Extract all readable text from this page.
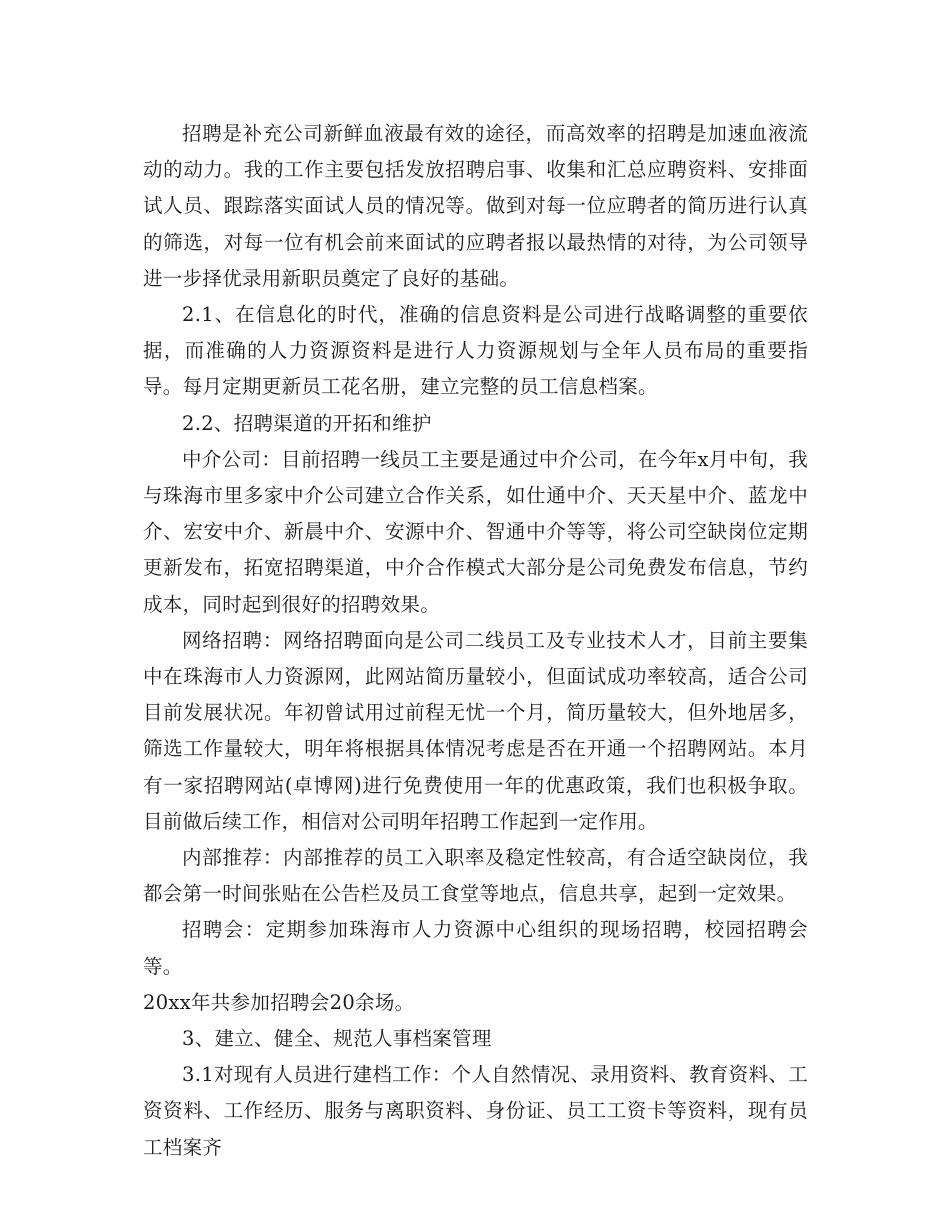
招聘是补充公司新鲜血液最有效的途径，而高效率的招聘是加速血液流动的动力。我的工作主要包括发放招聘启事、收集和汇总应聘资料、安排面试人员、跟踪落实面试人员的情况等。做到对每一位应聘者的简历进行认真的筛选，对每一位有机会前来面试的应聘者报以最热情的对待，为公司领导进一步择优录用新职员奠定了良好的基础。

2.1、在信息化的时代，准确的信息资料是公司进行战略调整的重要依据，而准确的人力资源资料是进行人力资源规划与全年人员布局的重要指导。每月定期更新员工花名册，建立完整的员工信息档案。

2.2、招聘渠道的开拓和维护

中介公司：目前招聘一线员工主要是通过中介公司，在今年x月中旬，我与珠海市里多家中介公司建立合作关系，如仕通中介、天天星中介、蓝龙中介、宏安中介、新晨中介、安源中介、智通中介等等，将公司空缺岗位定期更新发布，拓宽招聘渠道，中介合作模式大部分是公司免费发布信息，节约成本，同时起到很好的招聘效果。

网络招聘：网络招聘面向是公司二线员工及专业技术人才，目前主要集中在珠海市人力资源网，此网站简历量较小，但面试成功率较高，适合公司目前发展状况。年初曾试用过前程无忧一个月，简历量较大，但外地居多，筛选工作量较大，明年将根据具体情况考虑是否在开通一个招聘网站。本月有一家招聘网站(卓博网)进行免费使用一年的优惠政策，我们也积极争取。目前做后续工作，相信对公司明年招聘工作起到一定作用。

内部推荐：内部推荐的员工入职率及稳定性较高，有合适空缺岗位，我都会第一时间张贴在公告栏及员工食堂等地点，信息共享，起到一定效果。

招聘会：定期参加珠海市人力资源中心组织的现场招聘，校园招聘会等。

20xx年共参加招聘会20余场。

3、建立、健全、规范人事档案管理

3.1对现有人员进行建档工作：个人自然情况、录用资料、教育资料、工资资料、工作经历、服务与离职资料、身份证、员工工资卡等资料，现有员工档案齐
